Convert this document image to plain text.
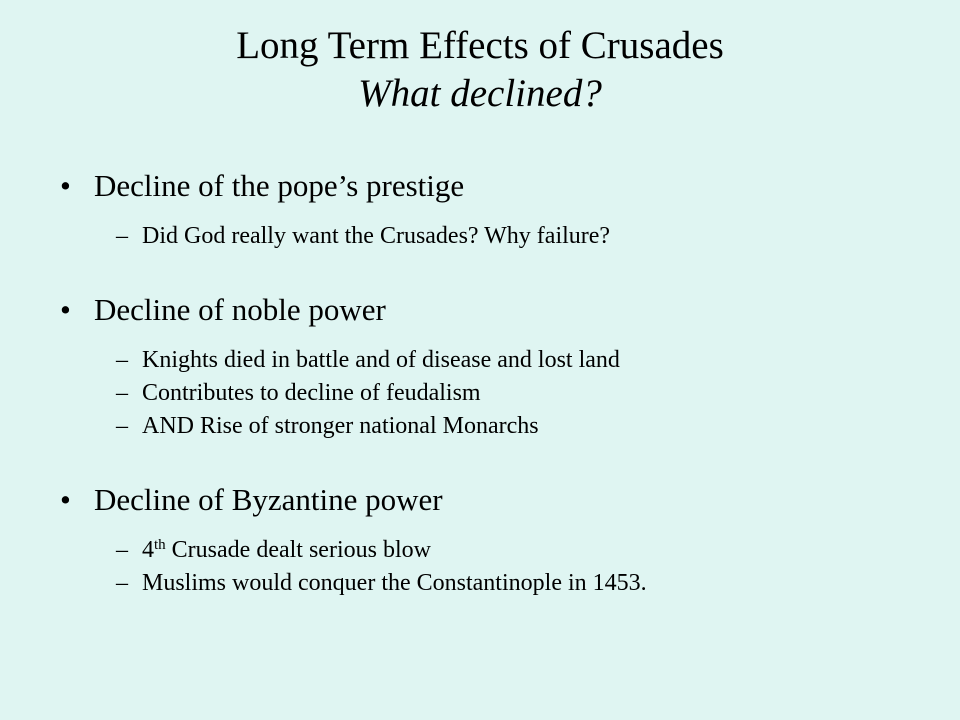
Long Term Effects of Crusades
What declined?
• Decline of the pope’s prestige
– Did God really want the Crusades? Why failure?
• Decline of noble power
– Knights died in battle and of disease and lost land
– Contributes to decline of feudalism
– AND Rise of stronger national Monarchs
• Decline of Byzantine power
– 4th Crusade dealt serious blow
– Muslims would conquer the Constantinople in 1453.
